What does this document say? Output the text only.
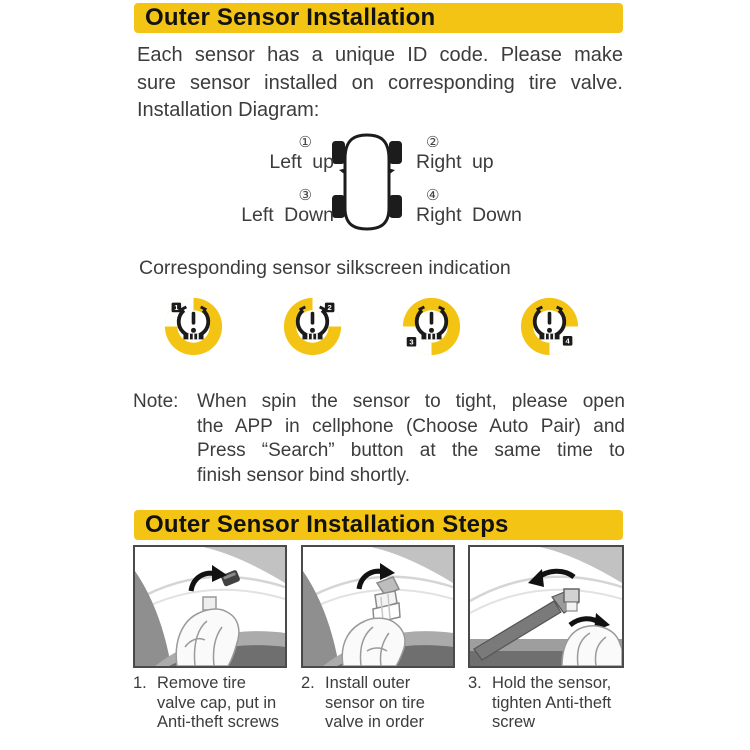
Outer Sensor Installation
Each sensor has a unique ID code. Please make
sure sensor installed on corresponding tire valve.
Installation Diagram:
①
Left up
②
Right up
③
Left Down
④
Right Down
Corresponding sensor silkscreen indication
1	2
3	4
Note: When spin the sensor to tight, please open
the APP in cellphone (Choose Auto Pair) and
Press “Search” button at the same time to
finish sensor bind shortly.
Outer Sensor Installation Steps
1. Remove tire valve cap, put in Anti-theft screws
2. Install outer sensor on tire valve in order
3. Hold the sensor, tighten Anti-theft screw
